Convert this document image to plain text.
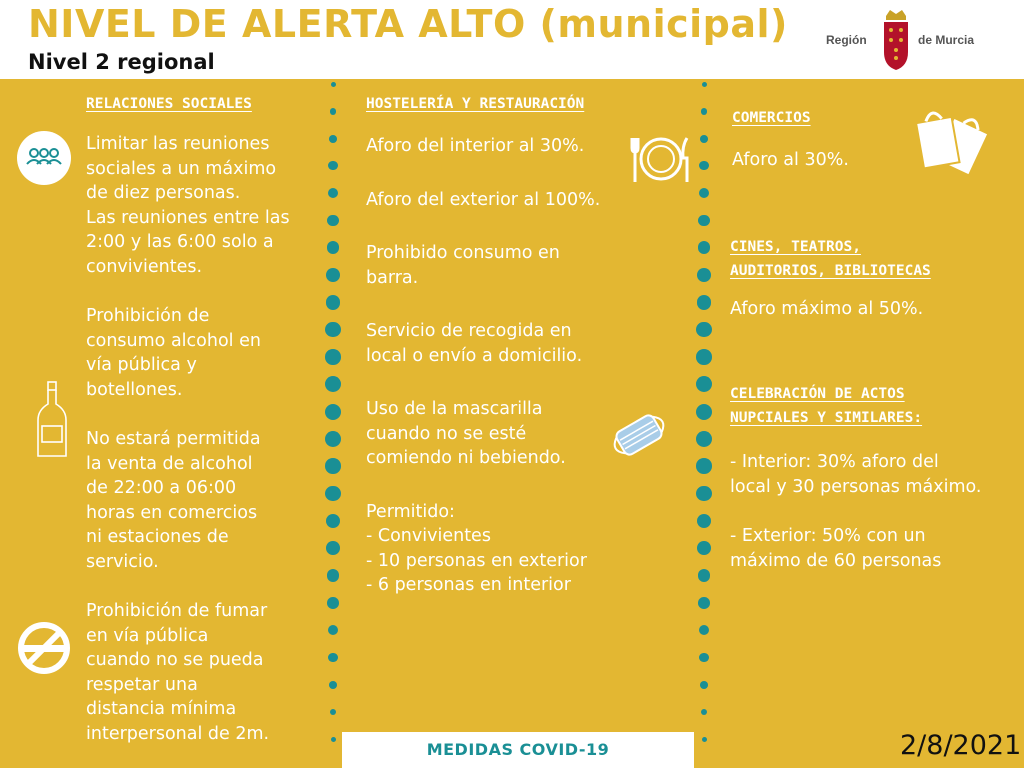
NIVEL DE ALERTA ALTO (municipal)
Nivel 2 regional
Región	de Murcia
RELACIONES SOCIALES
Limitar las reuniones
sociales a un máximo
de diez personas.
Las reuniones entre las
2:00 y las 6:00 solo a
convivientes.
Prohibición de
consumo alcohol en
vía pública y
botellones.
No estará permitida
la venta de alcohol
de 22:00 a 06:00
horas en comercios
ni estaciones de
servicio.
Prohibición de fumar
en vía pública
cuando no se pueda
respetar una
distancia mínima
interpersonal de 2m.
HOSTELERÍA Y RESTAURACIÓN
Aforo del interior al 30%.
Aforo del exterior al 100%.
Prohibido consumo en
barra.
Servicio de recogida en
local o envío a domicilio.
Uso de la mascarilla
cuando no se esté
comiendo ni bebiendo.
Permitido:
- Convivientes
- 10 personas en exterior
- 6 personas en interior
COMERCIOS
Aforo al 30%.
CINES, TEATROS,
AUDITORIOS, BIBLIOTECAS
Aforo máximo al 50%.
CELEBRACIÓN DE ACTOS
NUPCIALES Y SIMILARES:
- Interior: 30% aforo del
local y 30 personas máximo.
- Exterior: 50% con un
máximo de 60 personas
MEDIDAS COVID-19	2/8/2021
